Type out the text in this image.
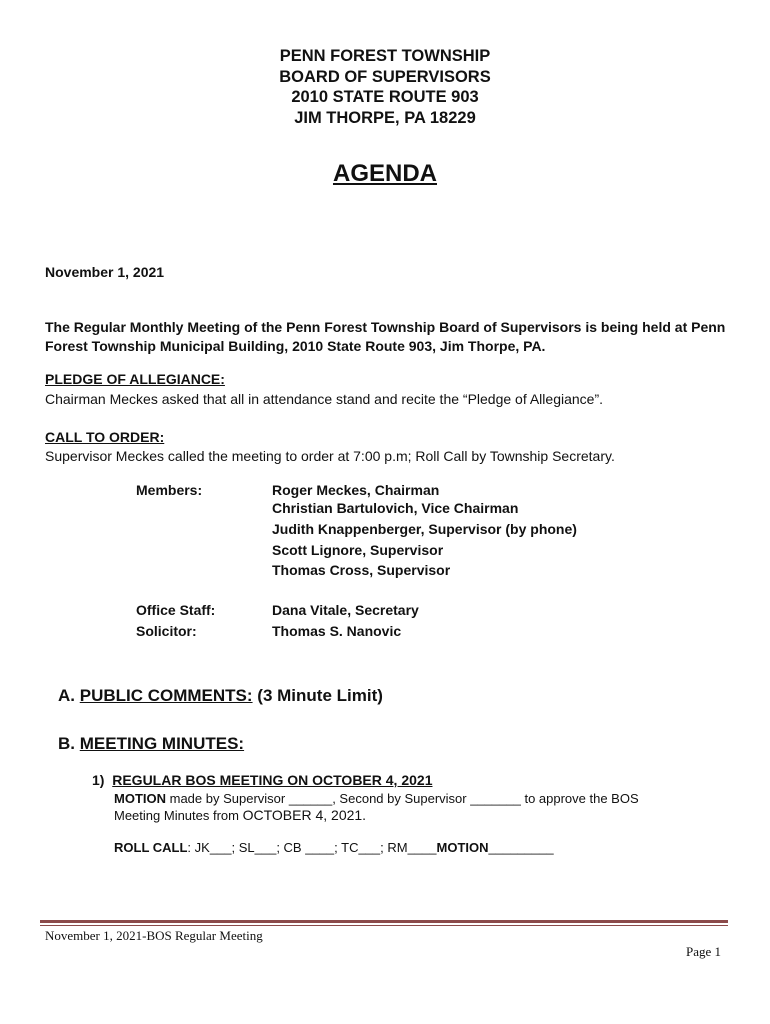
PENN FOREST TOWNSHIP
BOARD OF SUPERVISORS
2010 STATE ROUTE 903
JIM THORPE, PA 18229
AGENDA
November 1, 2021
The Regular Monthly Meeting of the Penn Forest Township Board of Supervisors is being held at Penn Forest Township Municipal Building, 2010 State Route 903, Jim Thorpe, PA.
PLEDGE OF ALLEGIANCE:
Chairman Meckes asked that all in attendance stand and recite the “Pledge of Allegiance”.
CALL TO ORDER:
Supervisor Meckes called the meeting to order at 7:00 p.m; Roll Call by Township Secretary.
Members:	Roger Meckes, Chairman
Christian Bartulovich, Vice Chairman
Judith Knappenberger, Supervisor (by phone)
Scott Lignore, Supervisor
Thomas Cross, Supervisor
Office Staff:	Dana Vitale, Secretary
Solicitor:	Thomas S. Nanovic
A. PUBLIC COMMENTS: (3 Minute Limit)
B. MEETING MINUTES:
1) REGULAR BOS MEETING ON OCTOBER 4, 2021
MOTION made by Supervisor ______, Second by Supervisor _______ to approve the BOS
Meeting Minutes from OCTOBER 4, 2021.
ROLL CALL: JK___; SL___; CB ____; TC___; RM____MOTION_________
November 1, 2021-BOS Regular Meeting
Page 1
